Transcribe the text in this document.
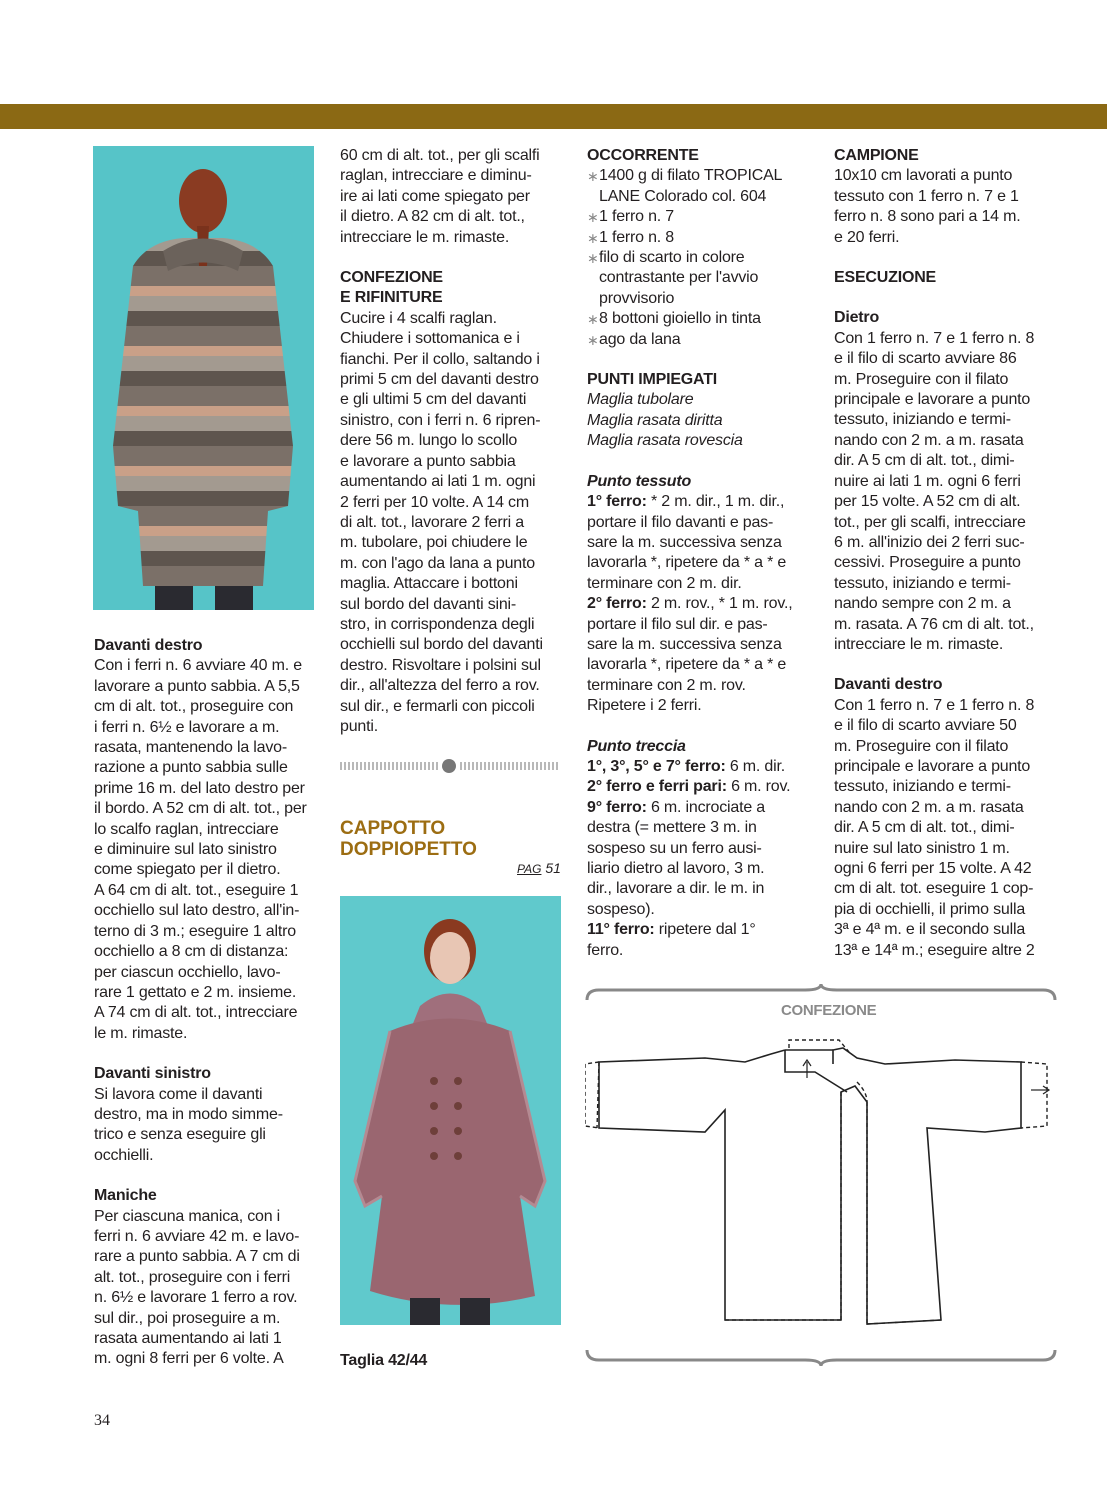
Davanti destro

Con i ferri n. 6 avviare 40 m. e

lavorare a punto sabbia. A 5,5

cm di alt. tot., proseguire con

i ferri n. 6½ e lavorare a m.

rasata, mantenendo la lavo-

razione a punto sabbia sulle

prime 16 m. del lato destro per

il bordo. A 52 cm di alt. tot., per

lo scalfo raglan, intrecciare

e diminuire sul lato sinistro

come spiegato per il dietro.

A 64 cm di alt. tot., eseguire 1

occhiello sul lato destro, all'in-

terno di 3 m.; eseguire 1 altro

occhiello a 8 cm di distanza:

per ciascun occhiello, lavo-

rare 1 gettato e 2 m. insieme.

A 74 cm di alt. tot., intrecciare

le m. rimaste.

Davanti sinistro

Si lavora come il davanti

destro, ma in modo simme-

trico e senza eseguire gli

occhielli.

Maniche

Per ciascuna manica, con i

ferri n. 6 avviare 42 m. e lavo-

rare a punto sabbia. A 7 cm di

alt. tot., proseguire con i ferri

n. 6½ e lavorare 1 ferro a rov.

sul dir., poi proseguire a m.

rasata aumentando ai lati 1

m. ogni 8 ferri per 6 volte. A

60 cm di alt. tot., per gli scalfi

raglan, intrecciare e diminu-

ire ai lati come spiegato per

il dietro. A 82 cm di alt. tot.,

intrecciare le m. rimaste.

CONFEZIONE

E RIFINITURE

Cucire i 4 scalfi raglan.

Chiudere i sottomanica e i

fianchi. Per il collo, saltando i

primi 5 cm del davanti destro

e gli ultimi 5 cm del davanti

sinistro, con i ferri n. 6 ripren-

dere 56 m. lungo lo scollo

e lavorare a punto sabbia

aumentando ai lati 1 m. ogni

2 ferri per 10 volte. A 14 cm

di alt. tot., lavorare 2 ferri a

m. tubolare, poi chiudere le

m. con l'ago da lana a punto

maglia. Attaccare i bottoni

sul bordo del davanti sini-

stro, in corrispondenza degli

occhielli sul bordo del davanti

destro. Risvoltare i polsini sul

dir., all'altezza del ferro a rov.

sul dir., e fermarli con piccoli

punti.

CAPPOTTO
DOPPIOPETTO
PAG 51
Taglia 42/44

OCCORRENTE

∗ 1400 g di filato TROPICAL LANE Colorado col. 604
∗ 1 ferro n. 7
∗ 1 ferro n. 8
∗ filo di scarto in colore contrastante per l'avvio provvisorio
∗ 8 bottoni gioiello in tinta
∗ ago da lana

PUNTI IMPIEGATI

Maglia tubolare

Maglia rasata diritta

Maglia rasata rovescia

Punto tessuto

1° ferro: * 2 m. dir., 1 m. dir.,

portare il filo davanti e pas-

sare la m. successiva senza

lavorarla *, ripetere da * a * e

terminare con 2 m. dir.

2° ferro: 2 m. rov., * 1 m. rov.,

portare il filo sul dir. e pas-

sare la m. successiva senza

lavorarla *, ripetere da * a * e

terminare con 2 m. rov.

Ripetere i 2 ferri.

Punto treccia

1°, 3°, 5° e 7° ferro: 6 m. dir.

2° ferro e ferri pari: 6 m. rov.

9° ferro: 6 m. incrociate a

destra (= mettere 3 m. in

sospeso su un ferro ausi-

liario dietro al lavoro, 3 m.

dir., lavorare a dir. le m. in

sospeso).

11° ferro: ripetere dal 1°

ferro.

CAMPIONE

10x10 cm lavorati a punto

tessuto con 1 ferro n. 7 e 1

ferro n. 8 sono pari a 14 m.

e 20 ferri.

ESECUZIONE

Dietro

Con 1 ferro n. 7 e 1 ferro n. 8

e il filo di scarto avviare 86

m. Proseguire con il filato

principale e lavorare a punto

tessuto, iniziando e termi-

nando con 2 m. a m. rasata

dir. A 5 cm di alt. tot., dimi-

nuire ai lati 1 m. ogni 6 ferri

per 15 volte. A 52 cm di alt.

tot., per gli scalfi, intrecciare

6 m. all'inizio dei 2 ferri suc-

cessivi. Proseguire a punto

tessuto, iniziando e termi-

nando sempre con 2 m. a

m. rasata. A 76 cm di alt. tot.,

intrecciare le m. rimaste.

Davanti destro

Con 1 ferro n. 7 e 1 ferro n. 8

e il filo di scarto avviare 50

m. Proseguire con il filato

principale e lavorare a punto

tessuto, iniziando e termi-

nando con 2 m. a m. rasata

dir. A 5 cm di alt. tot., dimi-

nuire sul lato sinistro 1 m.

ogni 6 ferri per 15 volte. A 42

cm di alt. tot. eseguire 1 cop-

pia di occhielli, il primo sulla

3ª e 4ª m. e il secondo sulla

13ª e 14ª m.; eseguire altre 2

CONFEZIONE
34
